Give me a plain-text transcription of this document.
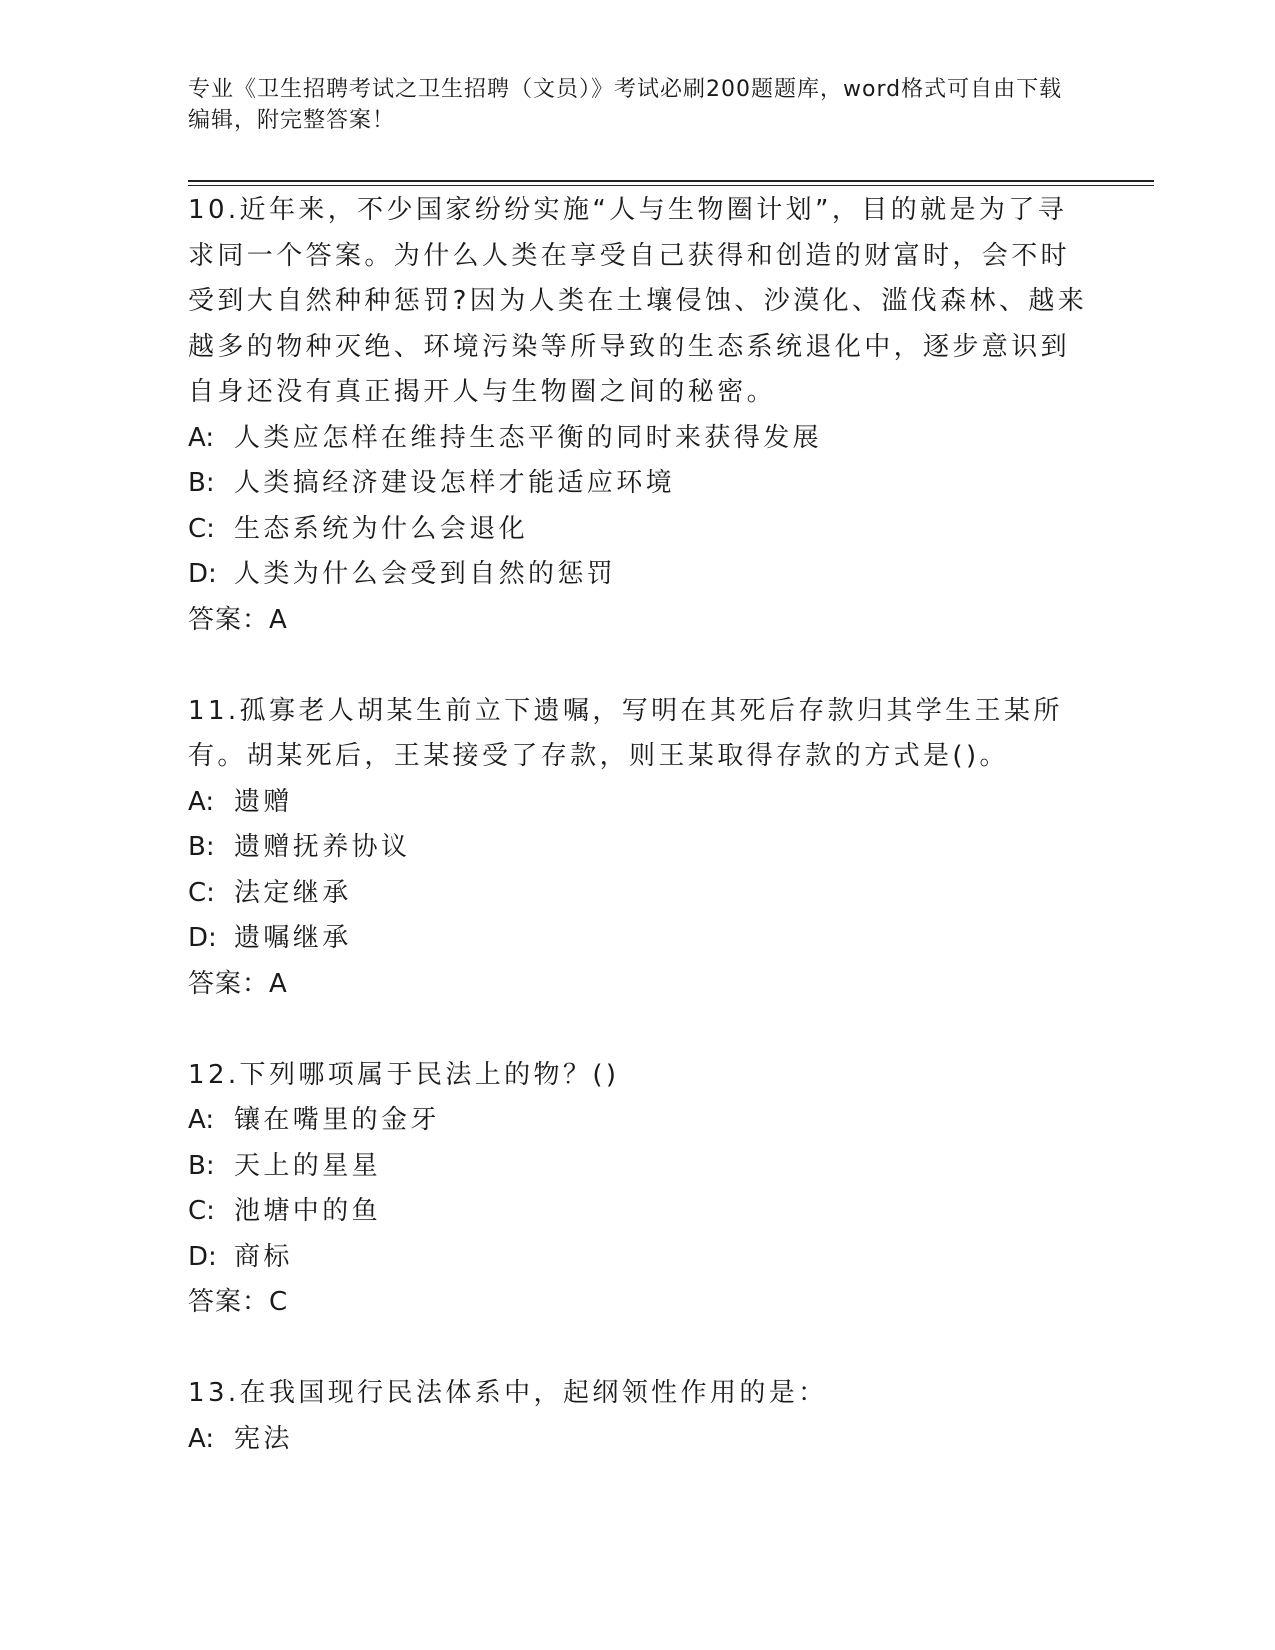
专业《卫生招聘考试之卫生招聘（文员）》考试必刷200题题库，word格式可自由下载编辑，附完整答案！
10.近年来，不少国家纷纷实施“人与生物圈计划”，目的就是为了寻求同一个答案。为什么人类在享受自己获得和创造的财富时，会不时受到大自然种种惩罚?因为人类在土壤侵蚀、沙漠化、滥伐森林、越来越多的物种灭绝、环境污染等所导致的生态系统退化中，逐步意识到自身还没有真正揭开人与生物圈之间的秘密。
A: 人类应怎样在维持生态平衡的同时来获得发展
B: 人类搞经济建设怎样才能适应环境
C: 生态系统为什么会退化
D: 人类为什么会受到自然的惩罚
答案：A
11.孤寡老人胡某生前立下遗嘱，写明在其死后存款归其学生王某所有。胡某死后，王某接受了存款，则王某取得存款的方式是()。
A: 遗赠
B: 遗赠抚养协议
C: 法定继承
D: 遗嘱继承
答案：A
12.下列哪项属于民法上的物？()
A: 镶在嘴里的金牙
B: 天上的星星
C: 池塘中的鱼
D: 商标
答案：C
13.在我国现行民法体系中，起纲领性作用的是：
A: 宪法
